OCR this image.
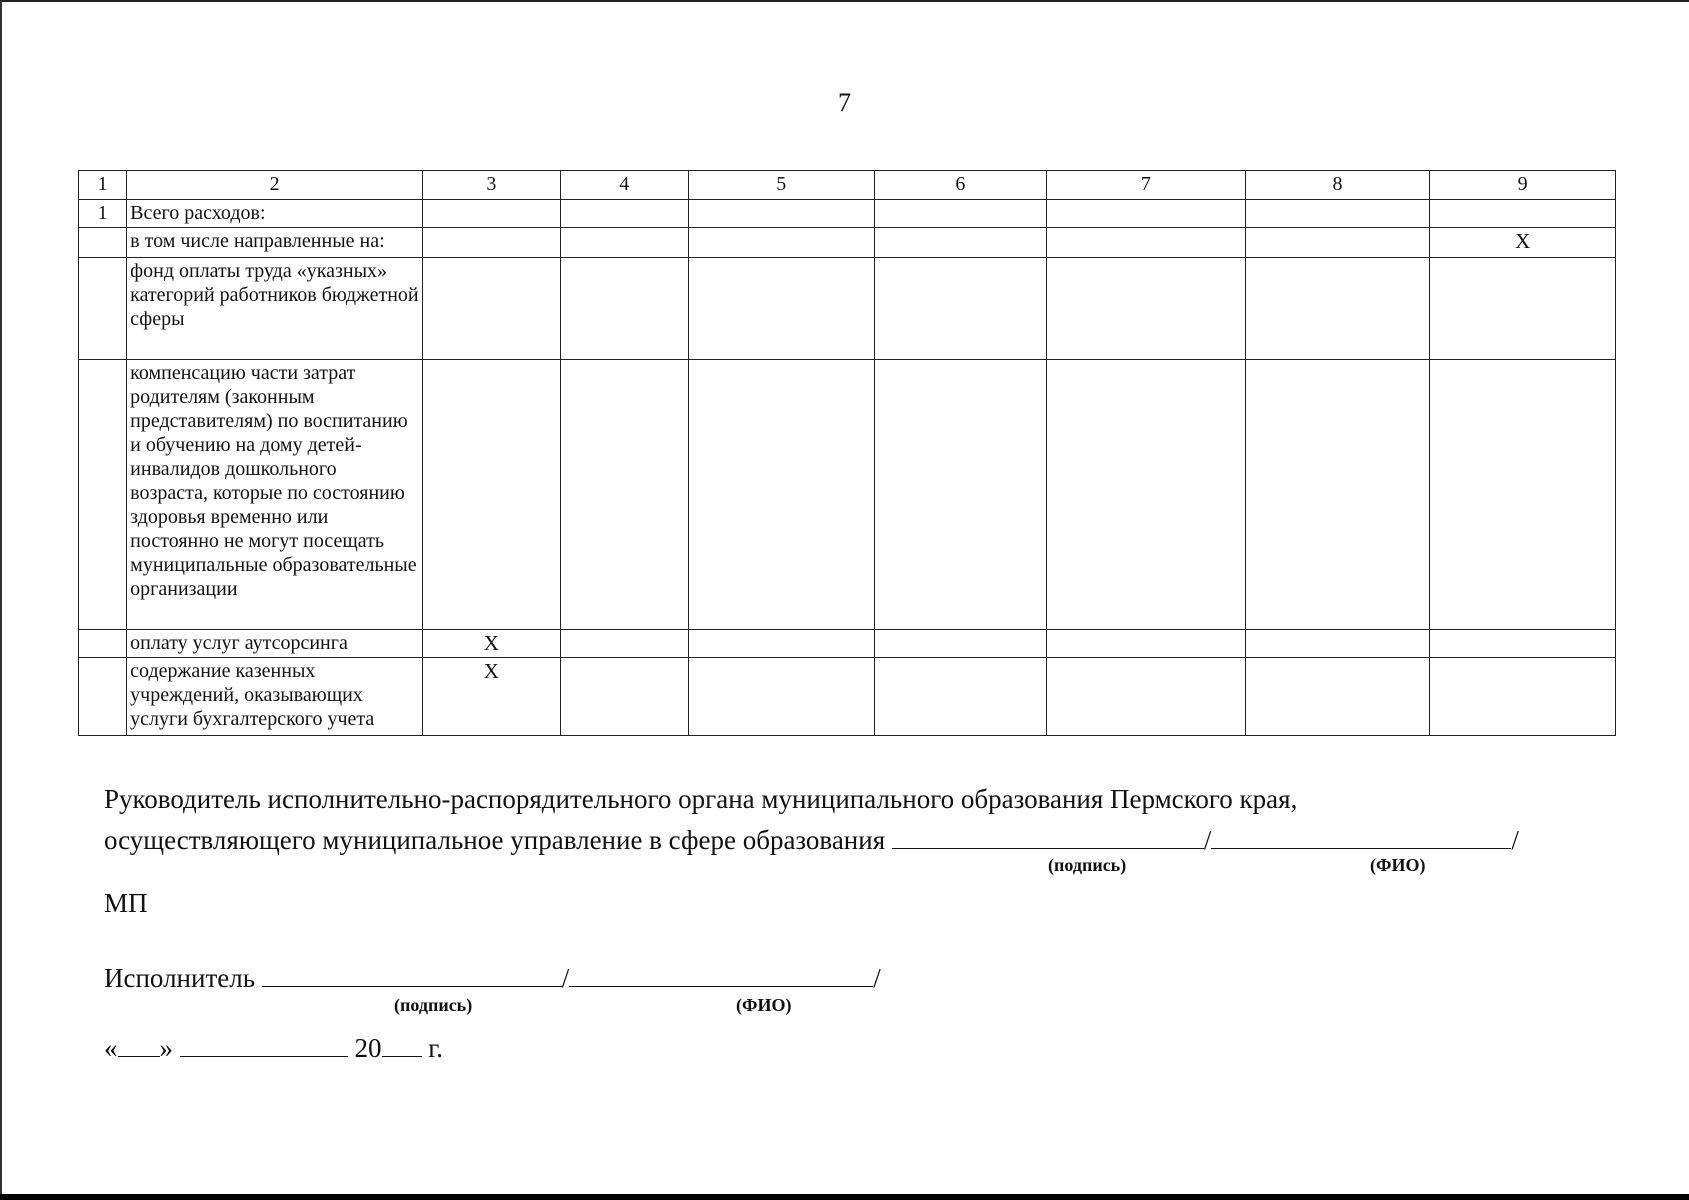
7
1	2	3	4	5	6	7	8	9
1	Всего расходов:							
	в том числе направленные на:							X
	фонд оплаты труда «указных» категорий работников бюджетной сферы							
	компенсацию части затрат родителям (законным представителям) по воспитанию и обучению на дому детей-инвалидов дошкольного возраста, которые по состоянию здоровья временно или постоянно не могут посещать муниципальные образовательные организации							
	оплату услуг аутсорсинга	X						
	содержание казенных учреждений, оказывающих услуги бухгалтерского учета	X						
Руководитель исполнительно-распорядительного органа муниципального образования Пермского края,
осуществляющего муниципальное управление в сфере образования	/	/
(подпись)	(ФИО)
МП
Исполнитель	/	/
(подпись)	(ФИО)
« »	20 г.
